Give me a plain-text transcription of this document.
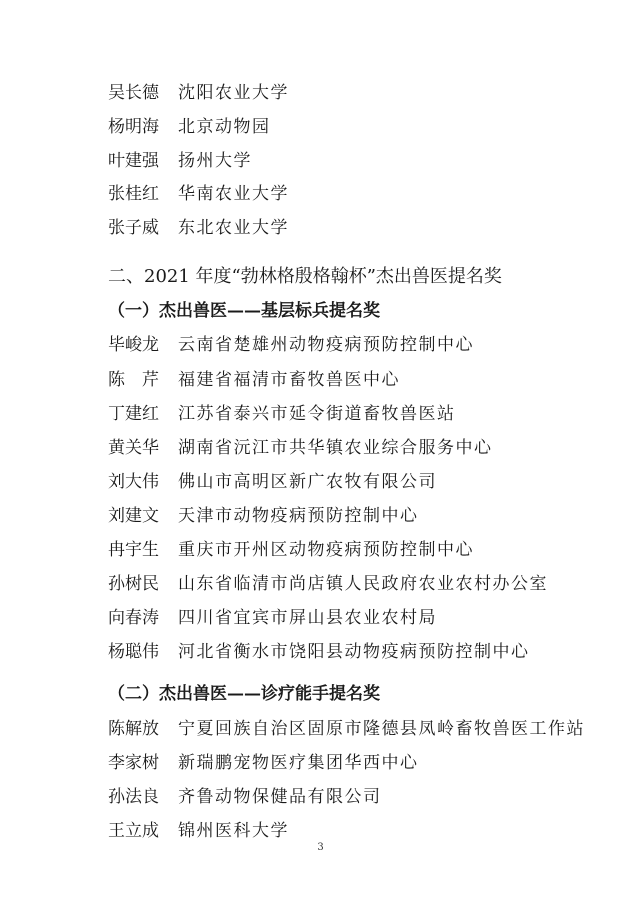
吴长德 沈阳农业大学
杨明海 北京动物园
叶建强 扬州大学
张桂红 华南农业大学
张子威 东北农业大学
二、2021 年度“勃林格殷格翰杯”杰出兽医提名奖
（一）杰出兽医——基层标兵提名奖
毕峻龙 云南省楚雄州动物疫病预防控制中心
陈芹 福建省福清市畜牧兽医中心
丁建红 江苏省泰兴市延令街道畜牧兽医站
黄关华 湖南省沅江市共华镇农业综合服务中心
刘大伟 佛山市高明区新广农牧有限公司
刘建文 天津市动物疫病预防控制中心
冉宇生 重庆市开州区动物疫病预防控制中心
孙树民 山东省临清市尚店镇人民政府农业农村办公室
向春涛 四川省宜宾市屏山县农业农村局
杨聪伟 河北省衡水市饶阳县动物疫病预防控制中心
（二）杰出兽医——诊疗能手提名奖
陈解放 宁夏回族自治区固原市隆德县凤岭畜牧兽医工作站
李家树 新瑞鹏宠物医疗集团华西中心
孙法良 齐鲁动物保健品有限公司
王立成 锦州医科大学
3
